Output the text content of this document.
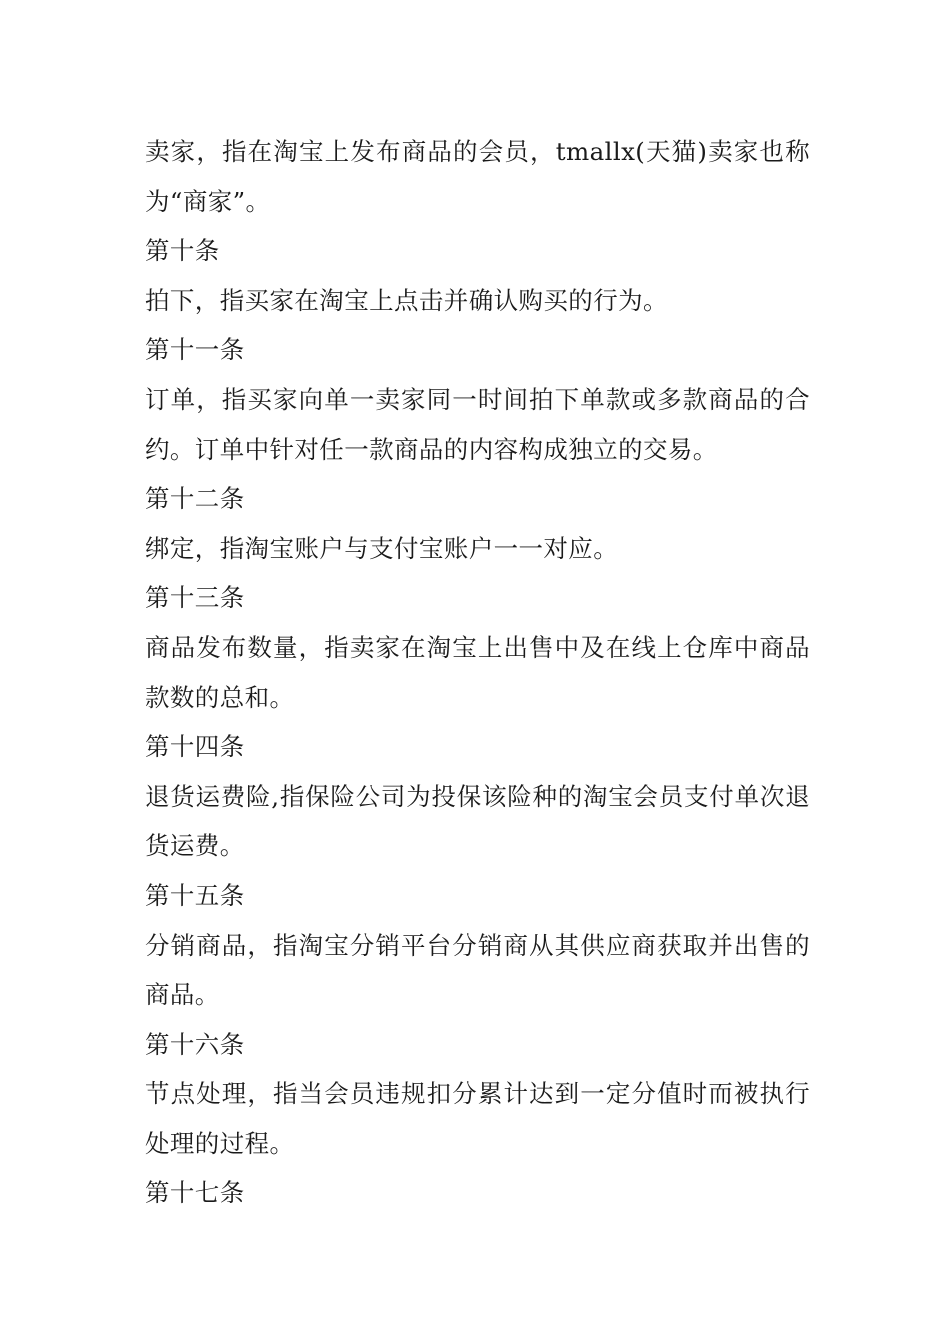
卖家，指在淘宝上发布商品的会员，tmallx(天猫)卖家也称为“商家”。

第十条

拍下，指买家在淘宝上点击并确认购买的行为。

第十一条

订单，指买家向单一卖家同一时间拍下单款或多款商品的合约。订单中针对任一款商品的内容构成独立的交易。

第十二条

绑定，指淘宝账户与支付宝账户一一对应。

第十三条

商品发布数量，指卖家在淘宝上出售中及在线上仓库中商品款数的总和。

第十四条

退货运费险,指保险公司为投保该险种的淘宝会员支付单次退货运费。

第十五条

分销商品，指淘宝分销平台分销商从其供应商获取并出售的商品。

第十六条

节点处理，指当会员违规扣分累计达到一定分值时而被执行处理的过程。

第十七条
